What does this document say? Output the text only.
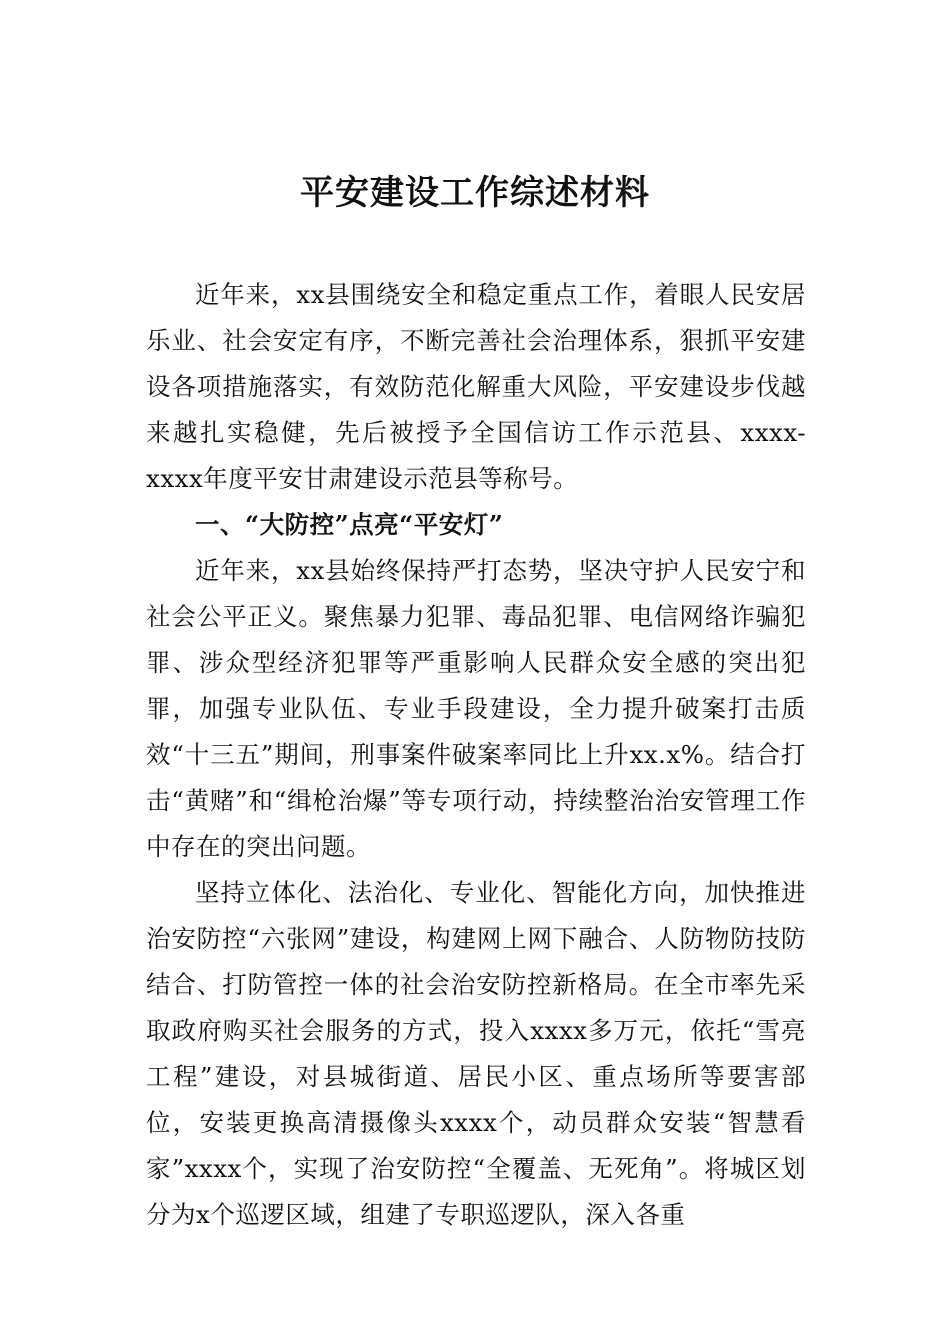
平安建设工作综述材料

近年来，xx县围绕安全和稳定重点工作，着眼人民安居乐业、社会安定有序，不断完善社会治理体系，狠抓平安建设各项措施落实，有效防范化解重大风险，平安建设步伐越来越扎实稳健，先后被授予全国信访工作示范县、xxxx-xxxx年度平安甘肃建设示范县等称号。

一、“大防控”点亮“平安灯”

近年来，xx县始终保持严打态势，坚决守护人民安宁和社会公平正义。聚焦暴力犯罪、毒品犯罪、电信网络诈骗犯罪、涉众型经济犯罪等严重影响人民群众安全感的突出犯罪，加强专业队伍、专业手段建设，全力提升破案打击质效“十三五”期间，刑事案件破案率同比上升xx.x%。结合打击“黄赌”和“缉枪治爆”等专项行动，持续整治治安管理工作中存在的突出问题。

坚持立体化、法治化、专业化、智能化方向，加快推进治安防控“六张网”建设，构建网上网下融合、人防物防技防结合、打防管控一体的社会治安防控新格局。在全市率先采取政府购买社会服务的方式，投入xxxx多万元，依托“雪亮工程”建设，对县城街道、居民小区、重点场所等要害部位，安装更换高清摄像头xxxx个，动员群众安装“智慧看家”xxxx个，实现了治安防控“全覆盖、无死角”。将城区划分为x个巡逻区域，组建了专职巡逻队，深入各重
